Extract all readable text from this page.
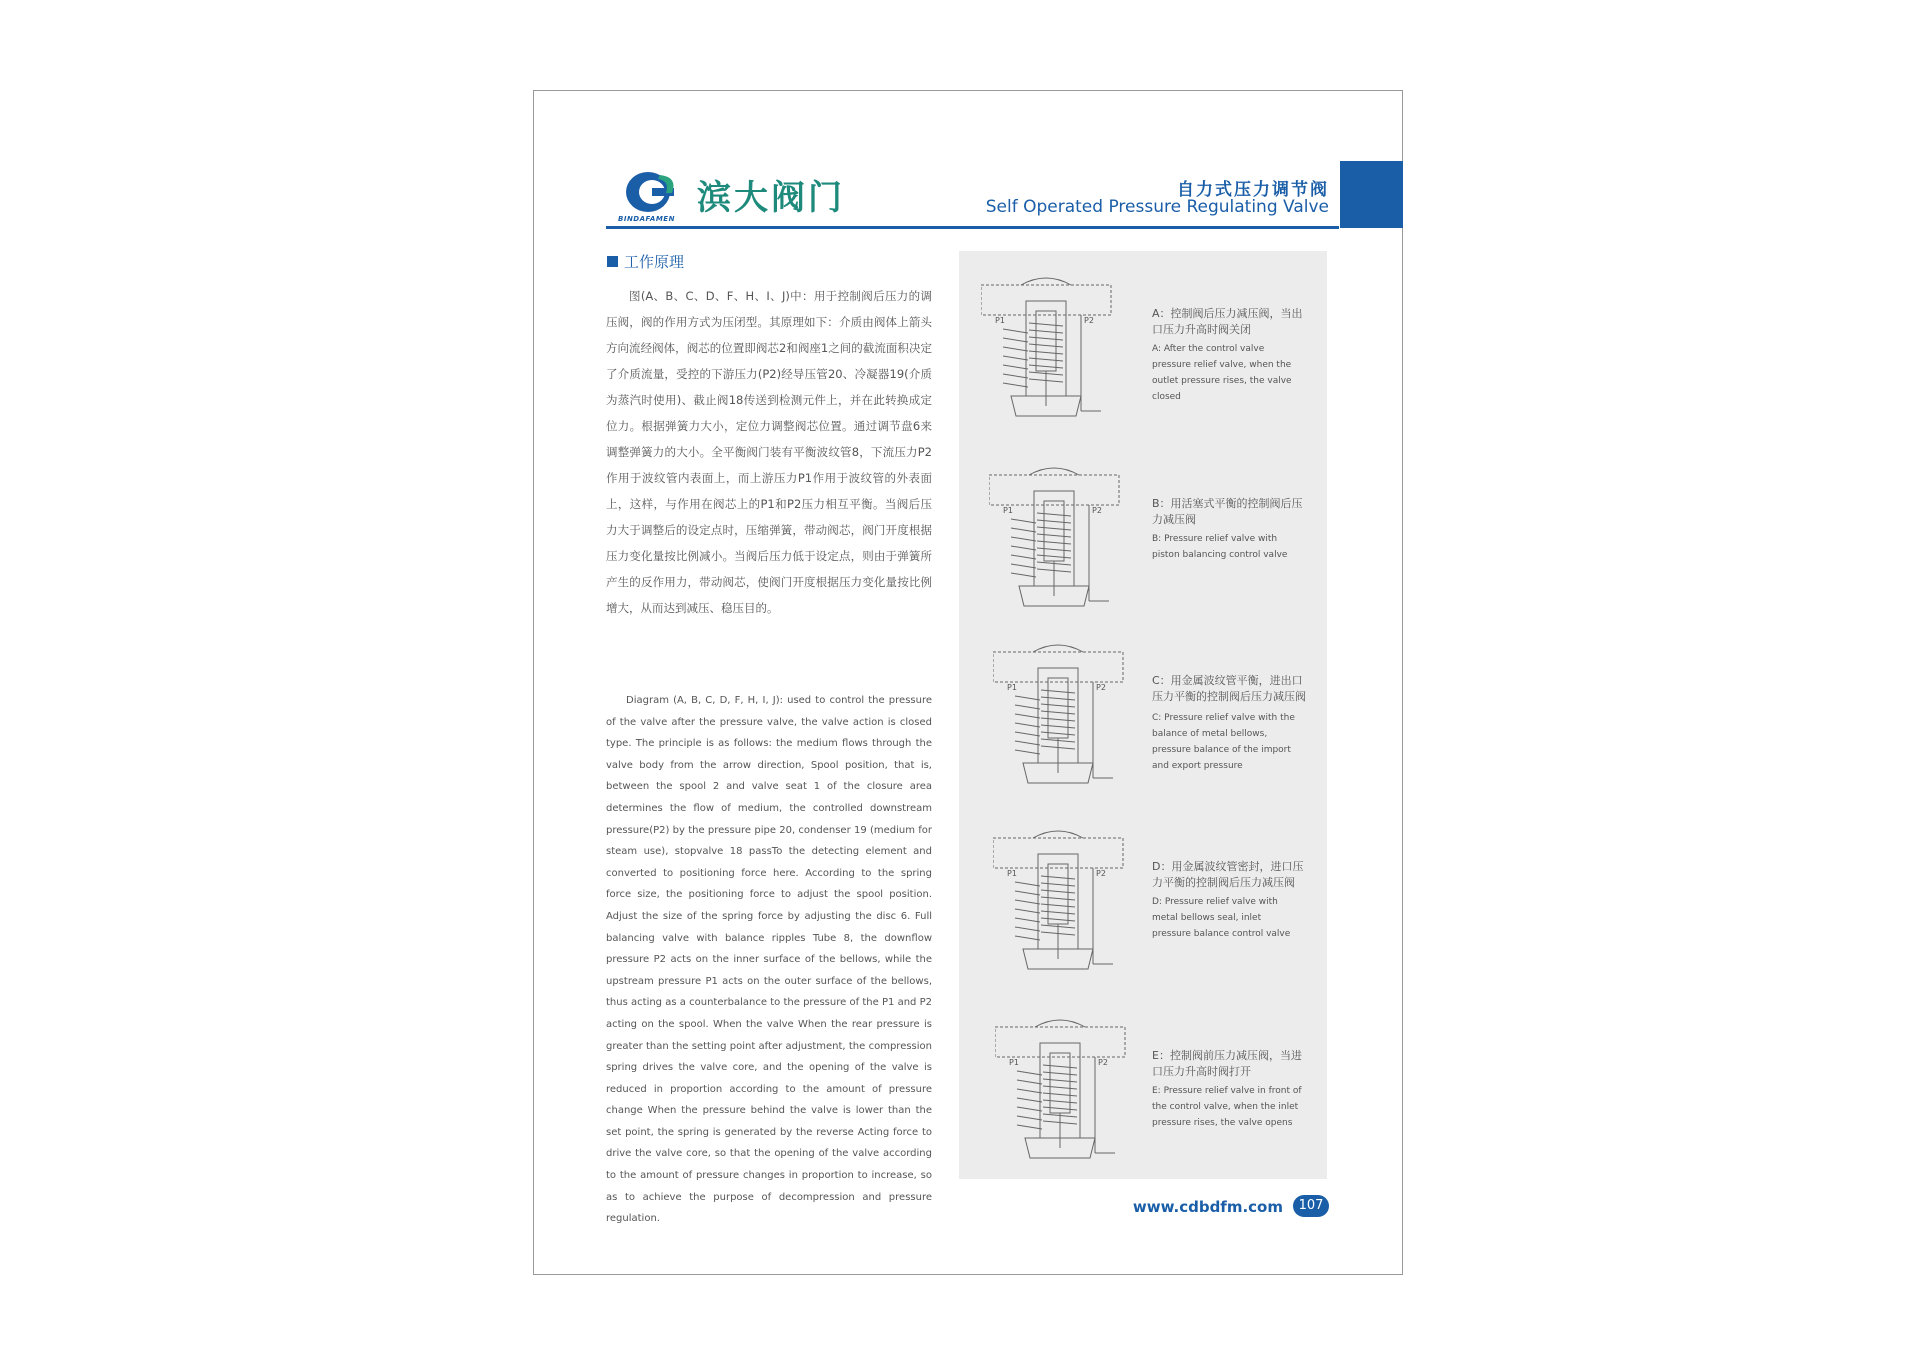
BINDAFAMEN
滨大阀门	自力式压力调节阀
Self Operated Pressure Regulating Valve
工作原理
图(A、B、C、D、F、H、I、J)中：用于控制阀后压力的调压阀，阀的作用方式为压闭型。其原理如下：介质由阀体上箭头方向流经阀体，阀芯的位置即阀芯2和阀座1之间的截流面积决定了介质流量，受控的下游压力(P2)经导压管20、冷凝器19(介质为蒸汽时使用)、截止阀18传送到检测元件上，并在此转换成定位力。根据弹簧力大小，定位力调整阀芯位置。通过调节盘6来调整弹簧力的大小。全平衡阀门装有平衡波纹管8，下流压力P2作用于波纹管内表面上，而上游压力P1作用于波纹管的外表面上，这样，与作用在阀芯上的P1和P2压力相互平衡。当阀后压力大于调整后的设定点时，压缩弹簧，带动阀芯，阀门开度根据压力变化量按比例减小。当阀后压力低于设定点，则由于弹簧所产生的反作用力，带动阀芯，使阀门开度根据压力变化量按比例增大，从而达到减压、稳压目的。
Diagram (A, B, C, D, F, H, I, J): used to control the pressure of the valve after the pressure valve, the valve action is closed type. The principle is as follows: the medium flows through the valve body from the arrow direction, Spool position, that is, between the spool 2 and valve seat 1 of the closure area determines the flow of medium, the controlled downstream pressure(P2) by the pressure pipe 20, condenser 19 (medium for steam use), stopvalve 18 passTo the detecting element and converted to positioning force here. According to the spring force size, the positioning force to adjust the spool position. Adjust the size of the spring force by adjusting the disc 6. Full balancing valve with balance ripples Tube 8, the downflow pressure P2 acts on the inner surface of the bellows, while the upstream pressure P1 acts on the outer surface of the bellows, thus acting as a counterbalance to the pressure of the P1 and P2 acting on the spool. When the valve When the rear pressure is greater than the setting point after adjustment, the compression spring drives the valve core, and the opening of the valve is reduced in proportion according to the amount of pressure change When the pressure behind the valve is lower than the set point, the spring is generated by the reverse Acting force to drive the valve core, so that the opening of the valve according to the amount of pressure changes in proportion to increase, so as to achieve the purpose of decompression and pressure regulation.
P1	P2
A：控制阀后压力减压阀，当出口压力升高时阀关闭
A: After the control valve pressure relief valve, when the outlet pressure rises, the valve closed
P1	P2
B：用活塞式平衡的控制阀后压力减压阀
B: Pressure relief valve with piston balancing control valve
P1	P2
C：用金属波纹管平衡，进出口压力平衡的控制阀后压力减压阀
C: Pressure relief valve with the balance of metal bellows, pressure balance of the import and export pressure
P1	P2
D：用金属波纹管密封，进口压力平衡的控制阀后压力减压阀
D: Pressure relief valve with metal bellows seal, inlet pressure balance control valve
P1	P2
E：控制阀前压力减压阀，当进口压力升高时阀打开
E: Pressure relief valve in front of the control valve, when the inlet pressure rises, the valve opens
www.cdbdfm.com	107
